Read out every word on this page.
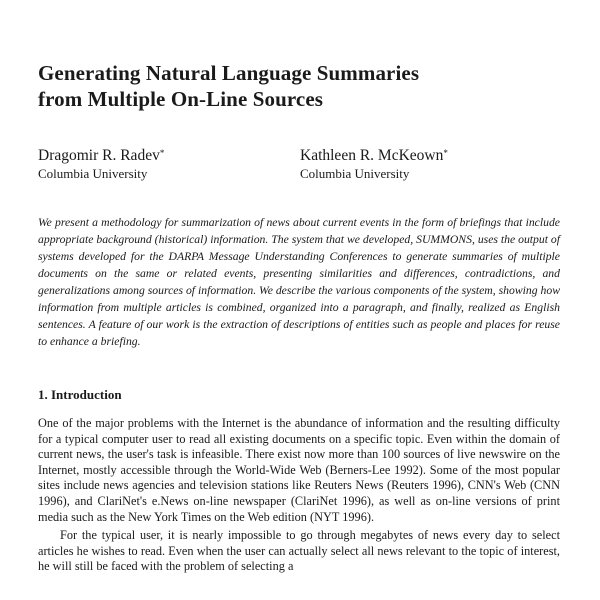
Generating Natural Language Summaries
from Multiple On-Line Sources
Dragomir R. Radev*
Columbia University
Kathleen R. McKeown*
Columbia University

We present a methodology for summarization of news about current events in the form of briefings that include appropriate background (historical) information. The system that we developed, SUMMONS, uses the output of systems developed for the DARPA Message Understanding Conferences to generate summaries of multiple documents on the same or related events, presenting similarities and differences, contradictions, and generalizations among sources of information. We describe the various components of the system, showing how information from multiple articles is combined, organized into a paragraph, and finally, realized as English sentences. A feature of our work is the extraction of descriptions of entities such as people and places for reuse to enhance a briefing.

1. Introduction

One of the major problems with the Internet is the abundance of information and the resulting difficulty for a typical computer user to read all existing documents on a specific topic. Even within the domain of current news, the user's task is infeasible. There exist now more than 100 sources of live newswire on the Internet, mostly accessible through the World-Wide Web (Berners-Lee 1992). Some of the most popular sites include news agencies and television stations like Reuters News (Reuters 1996), CNN's Web (CNN 1996), and ClariNet's e.News on-line newspaper (ClariNet 1996), as well as on-line versions of print media such as the New York Times on the Web edition (NYT 1996).

For the typical user, it is nearly impossible to go through megabytes of news every day to select articles he wishes to read. Even when the user can actually select all news relevant to the topic of interest, he will still be faced with the problem of selecting a
